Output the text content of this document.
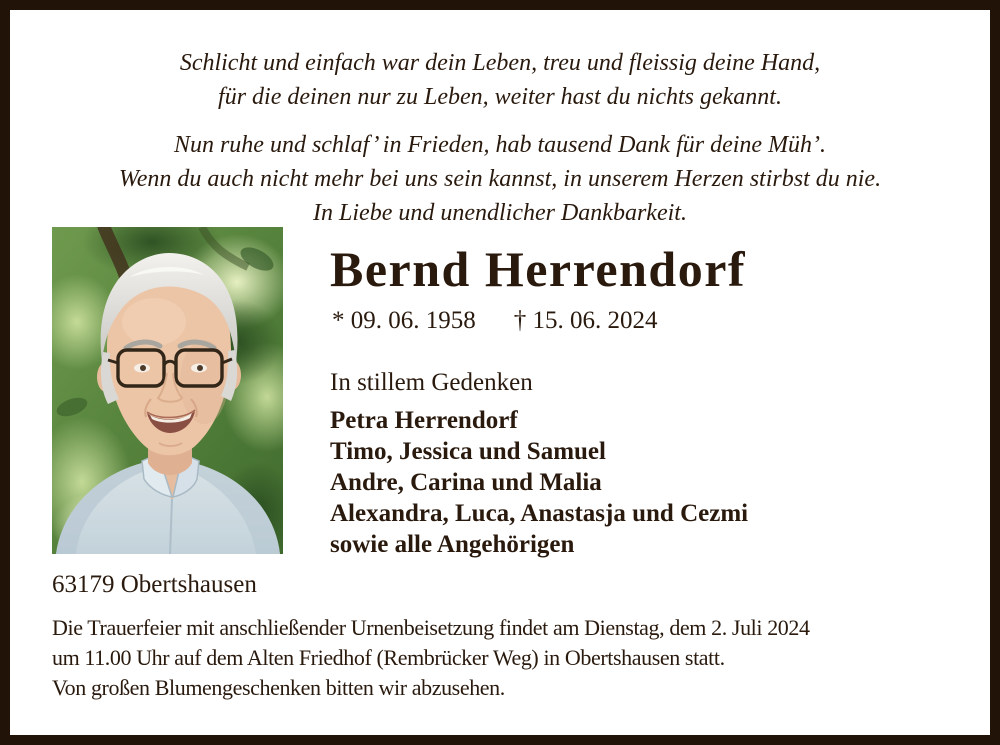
Schlicht und einfach war dein Leben, treu und fleissig deine Hand,
für die deinen nur zu Leben, weiter hast du nichts gekannt.
Nun ruhe und schlaf’ in Frieden, hab tausend Dank für deine Müh’.
Wenn du auch nicht mehr bei uns sein kannst, in unserem Herzen stirbst du nie.
In Liebe und unendlicher Dankbarkeit.
Bernd Herrendorf
* 09. 06. 1958 † 15. 06. 2024
In stillem Gedenken
Petra Herrendorf
Timo, Jessica und Samuel
Andre, Carina und Malia
Alexandra, Luca, Anastasja und Cezmi
sowie alle Angehörigen
63179 Obertshausen
Die Trauerfeier mit anschließender Urnenbeisetzung findet am Dienstag, dem 2. Juli 2024
um 11.00 Uhr auf dem Alten Friedhof (Rembrücker Weg) in Obertshausen statt.
Von großen Blumengeschenken bitten wir abzusehen.
